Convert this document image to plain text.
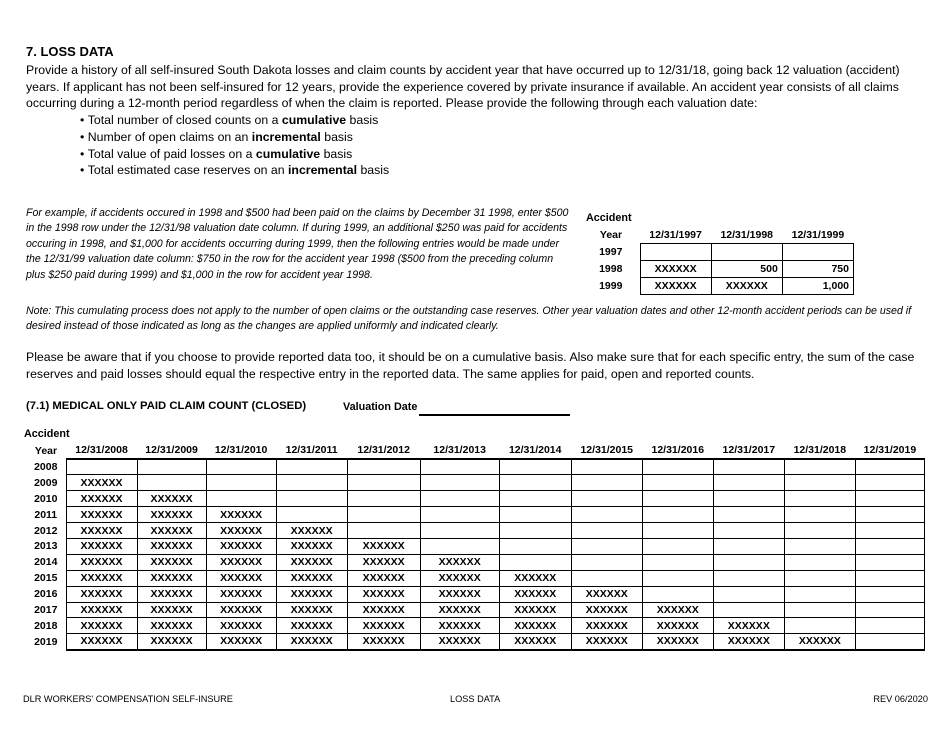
7. LOSS DATA
Provide a history of all self-insured South Dakota losses and claim counts by accident year that have occurred up to 12/31/18, going back 12 valuation (accident) years. If applicant has not been self-insured for 12 years, provide the experience covered by private insurance if available. An accident year consists of all claims occurring during a 12-month period regardless of when the claim is reported. Please provide the following through each valuation date:
• Total number of closed counts on a cumulative basis
• Number of open claims on an incremental basis
• Total value of paid losses on a cumulative basis
• Total estimated case reserves on an incremental basis
For example, if accidents occured in 1998 and $500 had been paid on the claims by December 31 1998, enter $500 in the 1998 row under the 12/31/98 valuation date column. If during 1999, an additional $250 was paid for accidents occuring in 1998, and $1,000 for accidents occurring during 1999, then the following entries would be made under the 12/31/99 valuation date column: $750 in the row for the accident year 1998 ($500 from the preceding column plus $250 paid during 1999) and $1,000 in the row for accident year 1998.
Accident
Year	12/31/1997	12/31/1998	12/31/1999
1997			
1998	XXXXXX	500	750
1999	XXXXXX	XXXXXX	1,000
Note: This cumulating process does not apply to the number of open claims or the outstanding case reserves. Other year valuation dates and other 12-month accident periods can be used if desired instead of those indicated as long as the changes are applied uniformly and indicated clearly.
Please be aware that if you choose to provide reported data too, it should be on a cumulative basis. Also make sure that for each specific entry, the sum of the case reserves and paid losses should equal the respective entry in the reported data. The same applies for paid, open and reported counts.
(7.1) MEDICAL ONLY PAID CLAIM COUNT (CLOSED)	Valuation Date
Accident
Year	12/31/2008	12/31/2009	12/31/2010	12/31/2011	12/31/2012	12/31/2013	12/31/2014	12/31/2015	12/31/2016	12/31/2017	12/31/2018	12/31/2019
2008												
2009	XXXXXX											
2010	XXXXXX	XXXXXX										
2011	XXXXXX	XXXXXX	XXXXXX									
2012	XXXXXX	XXXXXX	XXXXXX	XXXXXX								
2013	XXXXXX	XXXXXX	XXXXXX	XXXXXX	XXXXXX							
2014	XXXXXX	XXXXXX	XXXXXX	XXXXXX	XXXXXX	XXXXXX						
2015	XXXXXX	XXXXXX	XXXXXX	XXXXXX	XXXXXX	XXXXXX	XXXXXX					
2016	XXXXXX	XXXXXX	XXXXXX	XXXXXX	XXXXXX	XXXXXX	XXXXXX	XXXXXX				
2017	XXXXXX	XXXXXX	XXXXXX	XXXXXX	XXXXXX	XXXXXX	XXXXXX	XXXXXX	XXXXXX			
2018	XXXXXX	XXXXXX	XXXXXX	XXXXXX	XXXXXX	XXXXXX	XXXXXX	XXXXXX	XXXXXX	XXXXXX		
2019	XXXXXX	XXXXXX	XXXXXX	XXXXXX	XXXXXX	XXXXXX	XXXXXX	XXXXXX	XXXXXX	XXXXXX	XXXXXX	
DLR WORKERS' COMPENSATION SELF-INSURE	LOSS DATA	REV 06/2020
